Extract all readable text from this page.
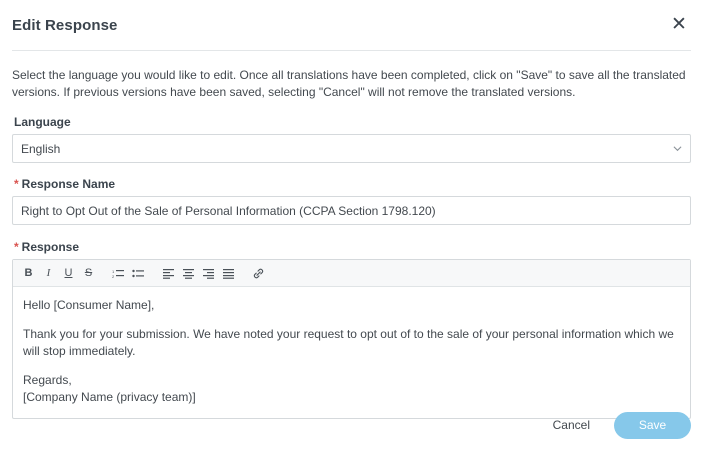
Edit Response	✕

Select the language you would like to edit. Once all translations have been completed, click on "Save" to save all the translated versions. If previous versions have been saved, selecting "Cancel" will not remove the translated versions.

Language
English
* Response Name
Right to Opt Out of the Sale of Personal Information (CCPA Section 1798.120)
* Response
B	I	U	S	1
2

Hello [Consumer Name],

Thank you for your submission. We have noted your request to opt out of to the sale of your personal information which we will stop immediately.

Regards,

[Company Name (privacy team)]

Cancel	Save
